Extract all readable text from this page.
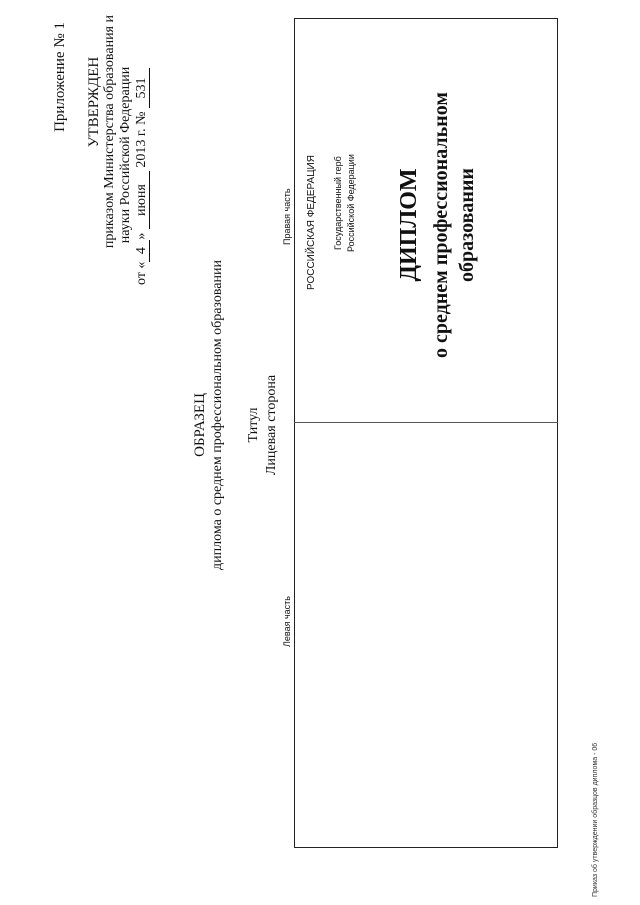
Приложение № 1 УТВЕРЖДЕН приказом Министерства образования и науки Российской Федерации
от «4» июня 2013 г. № 531
ОБРАЗЕЦ диплома о среднем профессиональном образовании Титул Лицевая сторона
Левая часть
Правая часть РОССИЙСКАЯ ФЕДЕРАЦИЯ Государственный герб Российской Федерации ДИПЛОМ о среднем профессиональном образовании
Приказ об утверждении образцов диплома - 06
